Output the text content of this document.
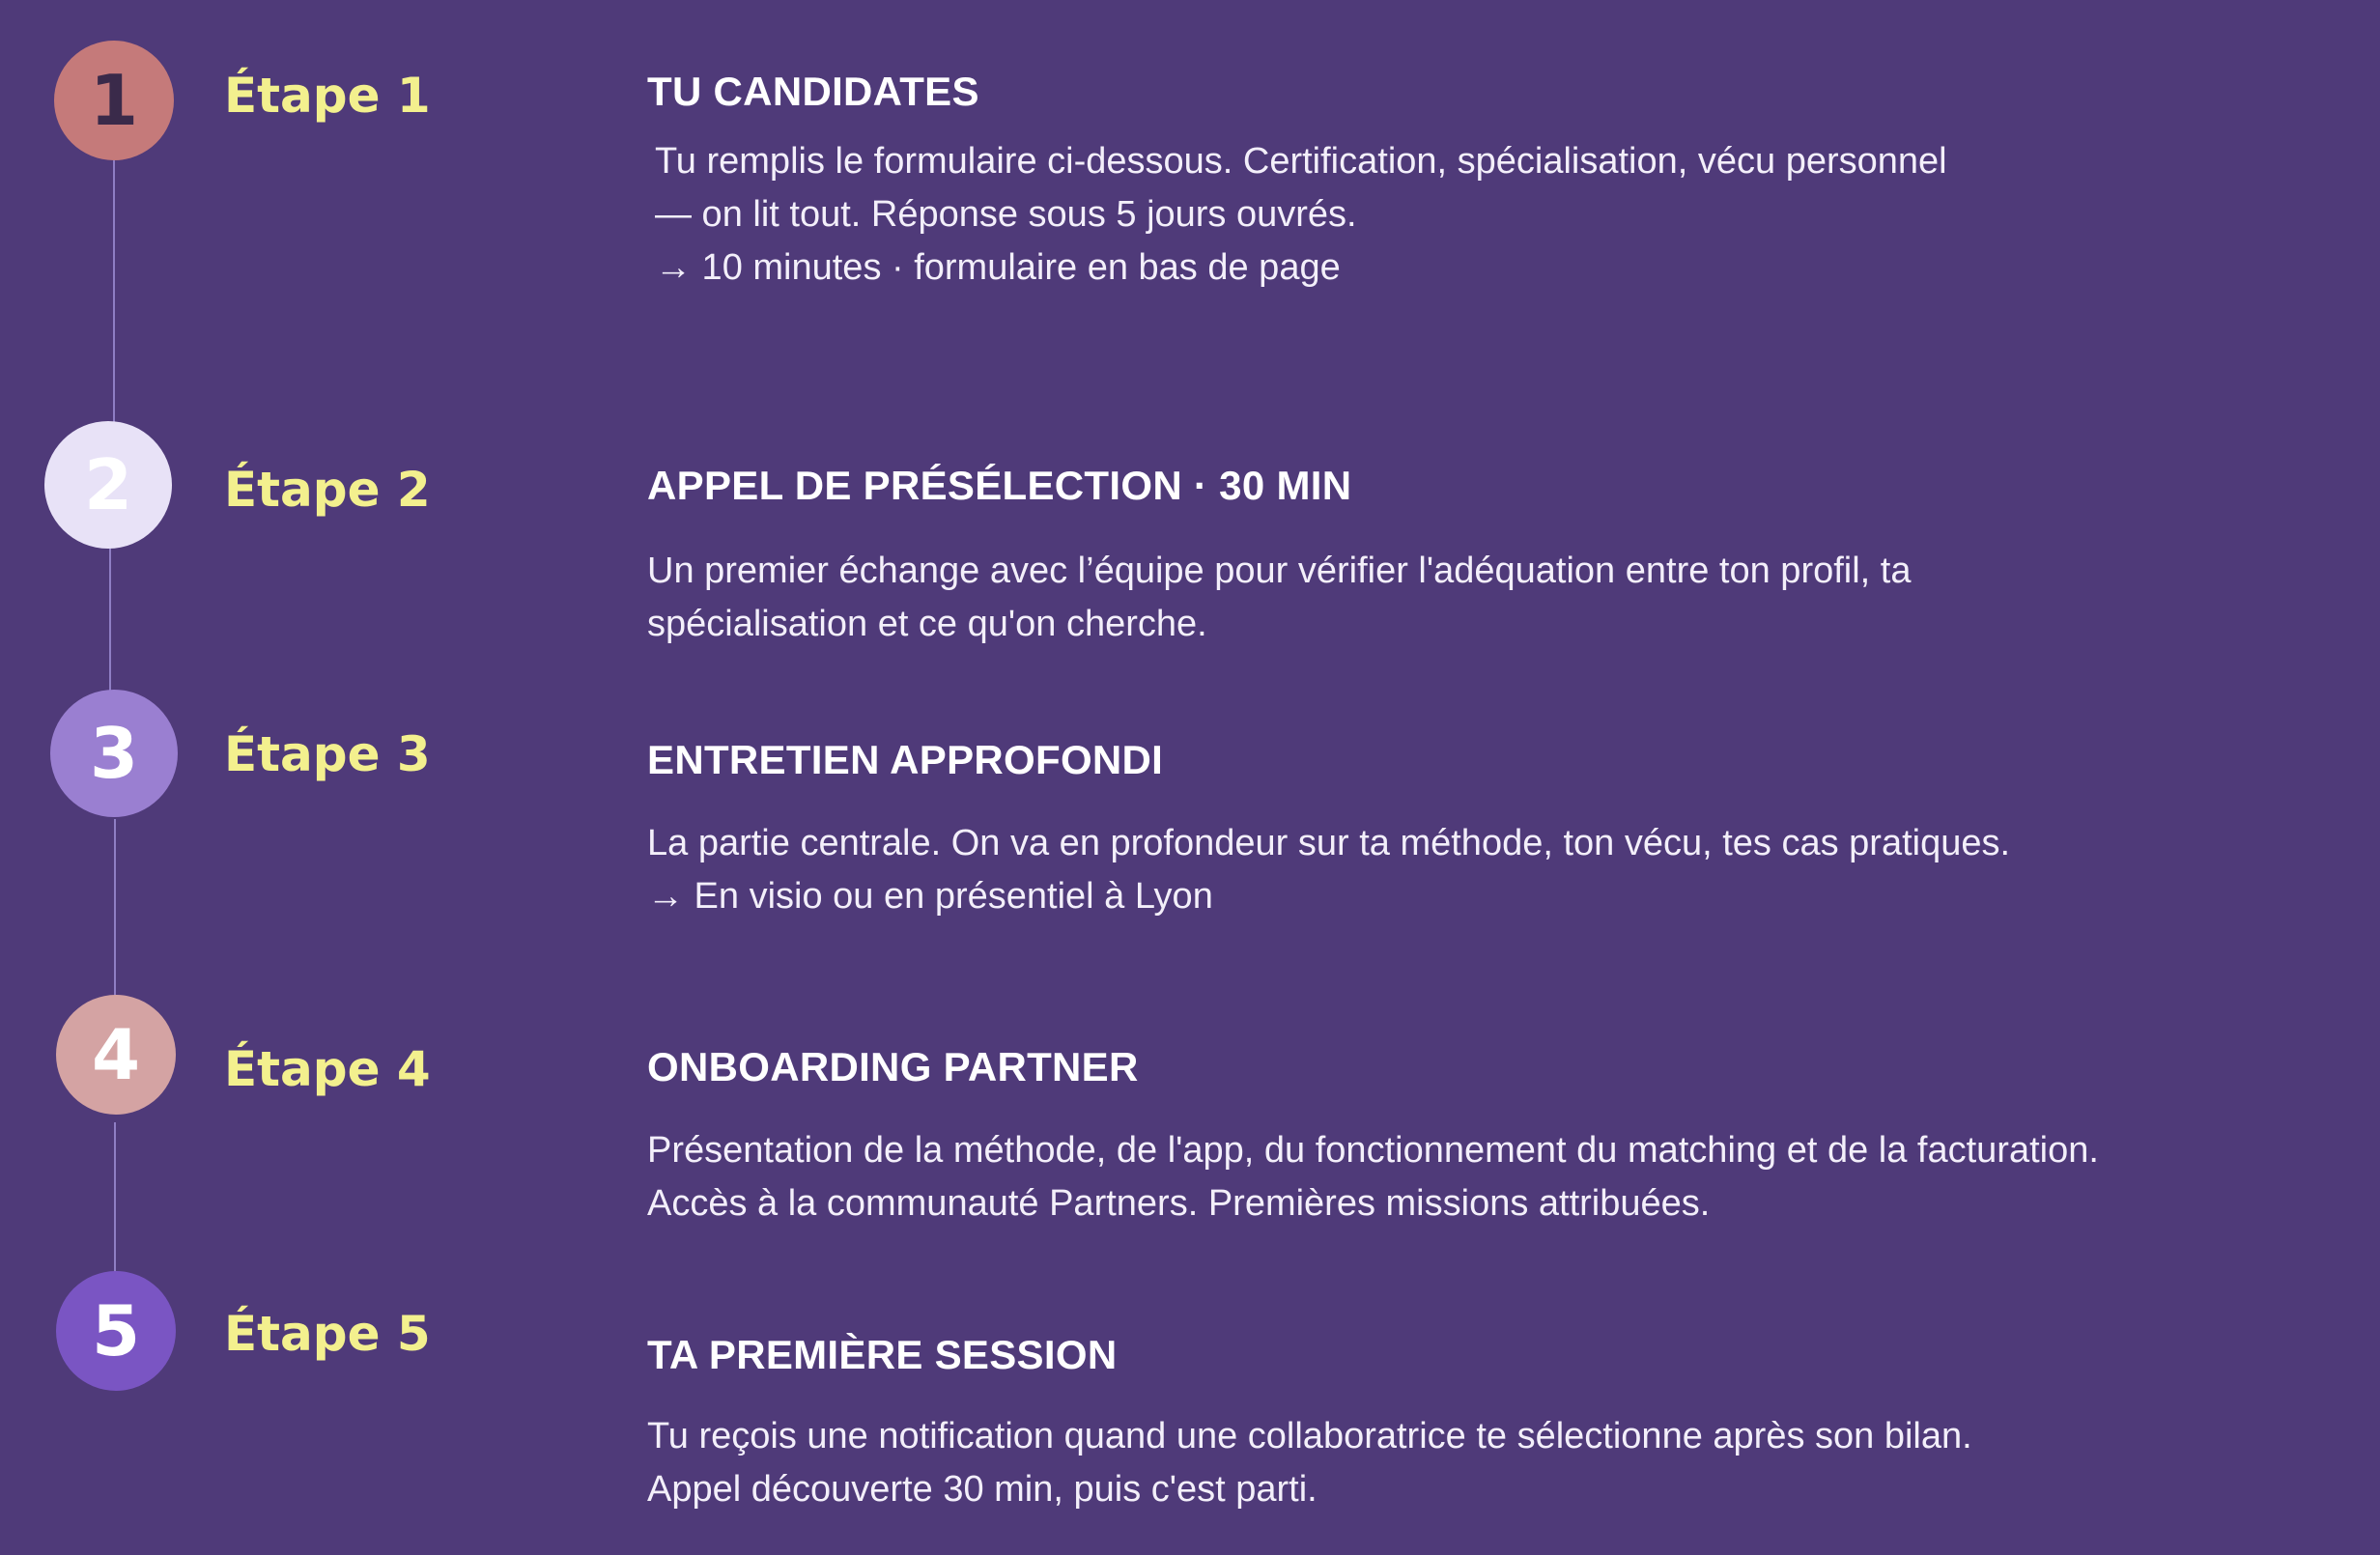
1	Étape 1	TU CANDIDATES
Tu remplis le formulaire ci-dessous. Certification, spécialisation, vécu personnel
— on lit tout. Réponse sous 5 jours ouvrés.
→ 10 minutes · formulaire en bas de page
2	Étape 2	APPEL DE PRÉSÉLECTION · 30 MIN
Un premier échange avec l’équipe pour vérifier l'adéquation entre ton profil, ta
spécialisation et ce qu'on cherche.
3	Étape 3	ENTRETIEN APPROFONDI
La partie centrale. On va en profondeur sur ta méthode, ton vécu, tes cas pratiques.
→ En visio ou en présentiel à Lyon
4	Étape 4	ONBOARDING PARTNER
Présentation de la méthode, de l'app, du fonctionnement du matching et de la facturation.
Accès à la communauté Partners. Premières missions attribuées.
5	Étape 5	TA PREMIÈRE SESSION
Tu reçois une notification quand une collaboratrice te sélectionne après son bilan.
Appel découverte 30 min, puis c'est parti.
